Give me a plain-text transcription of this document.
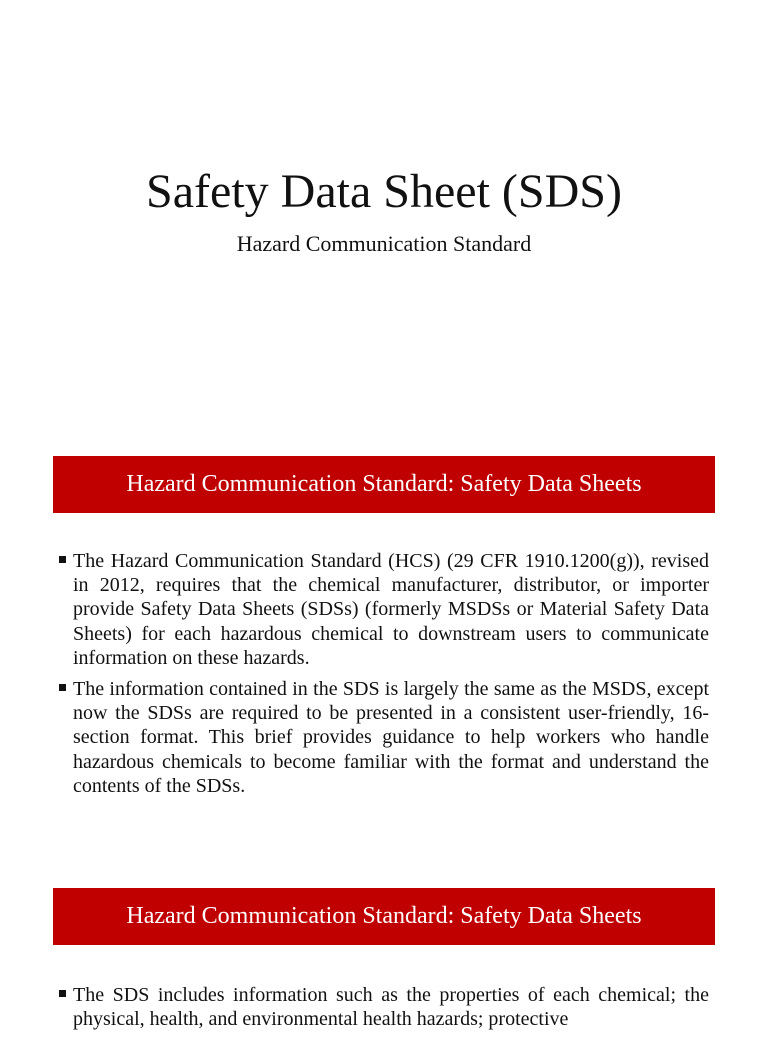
Safety Data Sheet (SDS)

Hazard Communication Standard

Hazard Communication Standard: Safety Data Sheets
The Hazard Communication Standard (HCS) (29 CFR 1910.1200(g)), revised in 2012, requires that the chemical manufacturer, distributor, or importer provide Safety Data Sheets (SDSs) (formerly MSDSs or Material Safety Data Sheets) for each hazardous chemical to downstream users to communicate information on these hazards.
The information contained in the SDS is largely the same as the MSDS, except now the SDSs are required to be presented in a consistent user-friendly, 16-section format. This brief provides guidance to help workers who handle hazardous chemicals to become familiar with the format and understand the contents of the SDSs.
Hazard Communication Standard: Safety Data Sheets
The SDS includes information such as the properties of each chemical; the physical, health, and environmental health hazards; protective
